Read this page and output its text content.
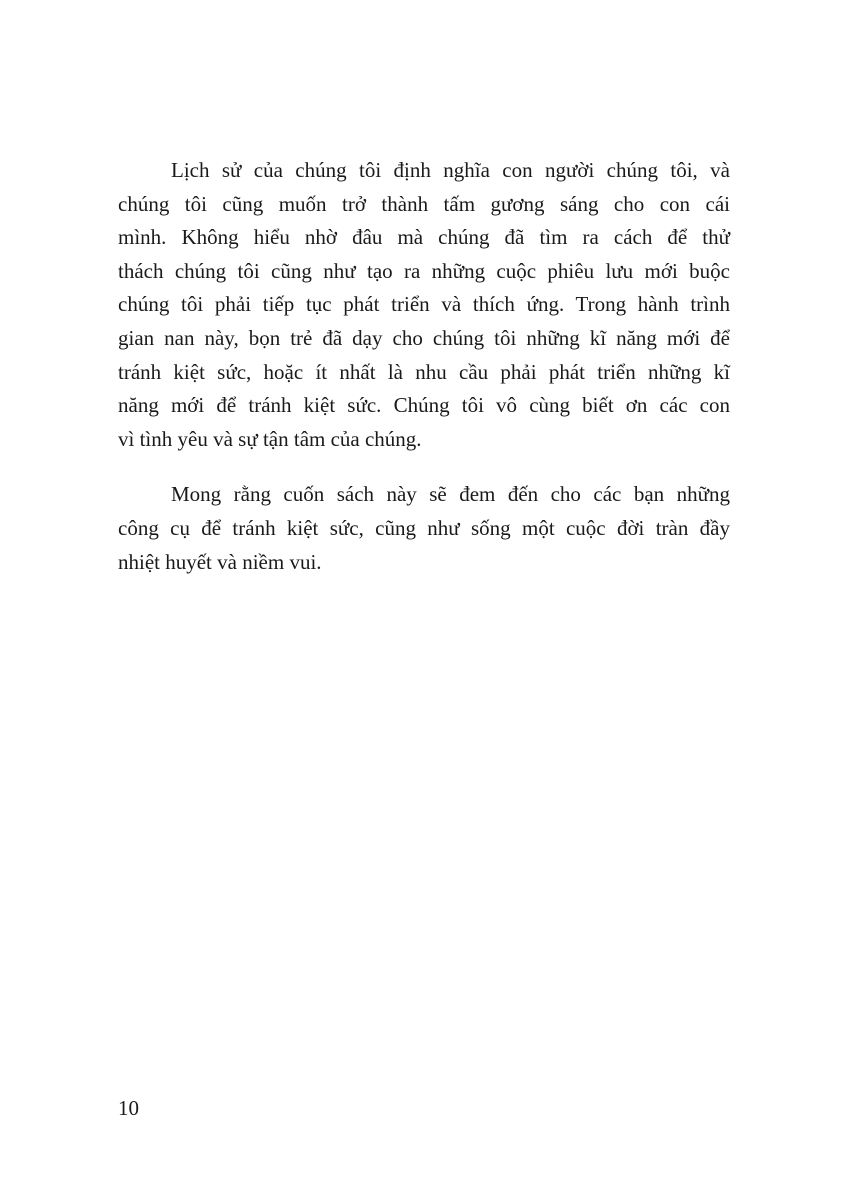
Lịch sử của chúng tôi định nghĩa con người chúng tôi, và
chúng tôi cũng muốn trở thành tấm gương sáng cho con cái
mình. Không hiểu nhờ đâu mà chúng đã tìm ra cách để thử
thách chúng tôi cũng như tạo ra những cuộc phiêu lưu mới buộc
chúng tôi phải tiếp tục phát triển và thích ứng. Trong hành trình
gian nan này, bọn trẻ đã dạy cho chúng tôi những kĩ năng mới để
tránh kiệt sức, hoặc ít nhất là nhu cầu phải phát triển những kĩ
năng mới để tránh kiệt sức. Chúng tôi vô cùng biết ơn các con
vì tình yêu và sự tận tâm của chúng.
Mong rằng cuốn sách này sẽ đem đến cho các bạn những
công cụ để tránh kiệt sức, cũng như sống một cuộc đời tràn đầy
nhiệt huyết và niềm vui.
10
